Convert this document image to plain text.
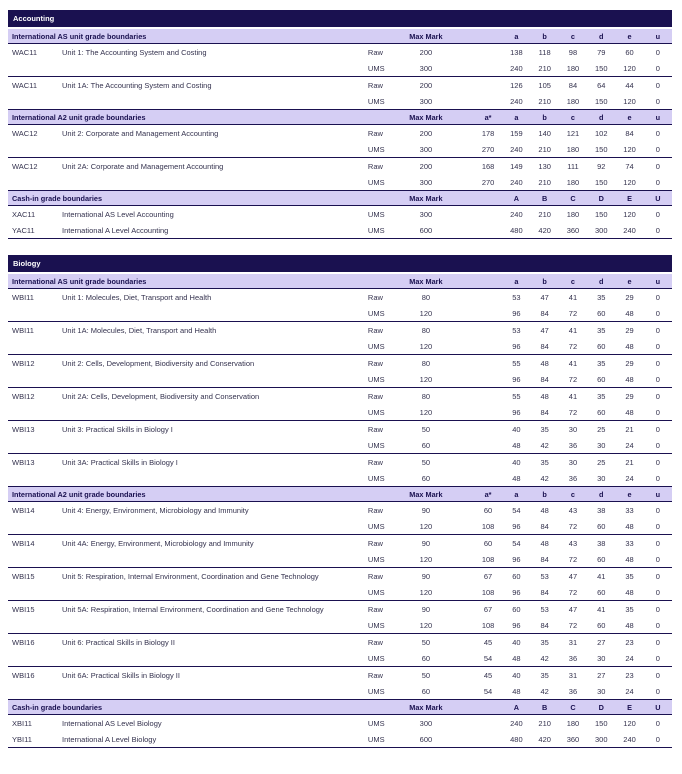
Accounting
International AS unit grade boundaries	Max Mark	a	b	c	d	e	u
WAC11	Unit 1: The Accounting System and Costing	Raw	200	138	118	98	79	60	0
UMS	300	240	210	180	150	120	0
WAC11	Unit 1A: The Accounting System and Costing	Raw	200	126	105	84	64	44	0
UMS	300	240	210	180	150	120	0
International A2 unit grade boundaries	Max Mark	a*	a	b	c	d	e	u
WAC12	Unit 2: Corporate and Management Accounting	Raw	200	178	159	140	121	102	84	0
UMS	300	270	240	210	180	150	120	0
WAC12	Unit 2A: Corporate and Management Accounting	Raw	200	168	149	130	111	92	74	0
UMS	300	270	240	210	180	150	120	0
Cash-in grade boundaries	Max Mark	A	B	C	D	E	U
XAC11	International AS Level Accounting	UMS	300	240	210	180	150	120	0
YAC11	International A Level Accounting	UMS	600	480	420	360	300	240	0
Biology
International AS unit grade boundaries	Max Mark	a	b	c	d	e	u
WBI11	Unit 1: Molecules, Diet, Transport and Health	Raw	80	53	47	41	35	29	0
UMS	120	96	84	72	60	48	0
WBI11	Unit 1A: Molecules, Diet, Transport and Health	Raw	80	53	47	41	35	29	0
UMS	120	96	84	72	60	48	0
WBI12	Unit 2: Cells, Development, Biodiversity and Conservation	Raw	80	55	48	41	35	29	0
UMS	120	96	84	72	60	48	0
WBI12	Unit 2A: Cells, Development, Biodiversity and Conservation	Raw	80	55	48	41	35	29	0
UMS	120	96	84	72	60	48	0
WBI13	Unit 3: Practical Skills in Biology I	Raw	50	40	35	30	25	21	0
UMS	60	48	42	36	30	24	0
WBI13	Unit 3A: Practical Skills in Biology I	Raw	50	40	35	30	25	21	0
UMS	60	48	42	36	30	24	0
International A2 unit grade boundaries	Max Mark	a*	a	b	c	d	e	u
WBI14	Unit 4: Energy, Environment, Microbiology and Immunity	Raw	90	60	54	48	43	38	33	0
UMS	120	108	96	84	72	60	48	0
WBI14	Unit 4A: Energy, Environment, Microbiology and Immunity	Raw	90	60	54	48	43	38	33	0
UMS	120	108	96	84	72	60	48	0
WBI15	Unit 5: Respiration, Internal Environment, Coordination and Gene Technology	Raw	90	67	60	53	47	41	35	0
UMS	120	108	96	84	72	60	48	0
WBI15	Unit 5A: Respiration, Internal Environment, Coordination and Gene Technology	Raw	90	67	60	53	47	41	35	0
UMS	120	108	96	84	72	60	48	0
WBI16	Unit 6: Practical Skills in Biology II	Raw	50	45	40	35	31	27	23	0
UMS	60	54	48	42	36	30	24	0
WBI16	Unit 6A: Practical Skills in Biology II	Raw	50	45	40	35	31	27	23	0
UMS	60	54	48	42	36	30	24	0
Cash-in grade boundaries	Max Mark	A	B	C	D	E	U
XBI11	International AS Level Biology	UMS	300	240	210	180	150	120	0
YBI11	International A Level Biology	UMS	600	480	420	360	300	240	0
